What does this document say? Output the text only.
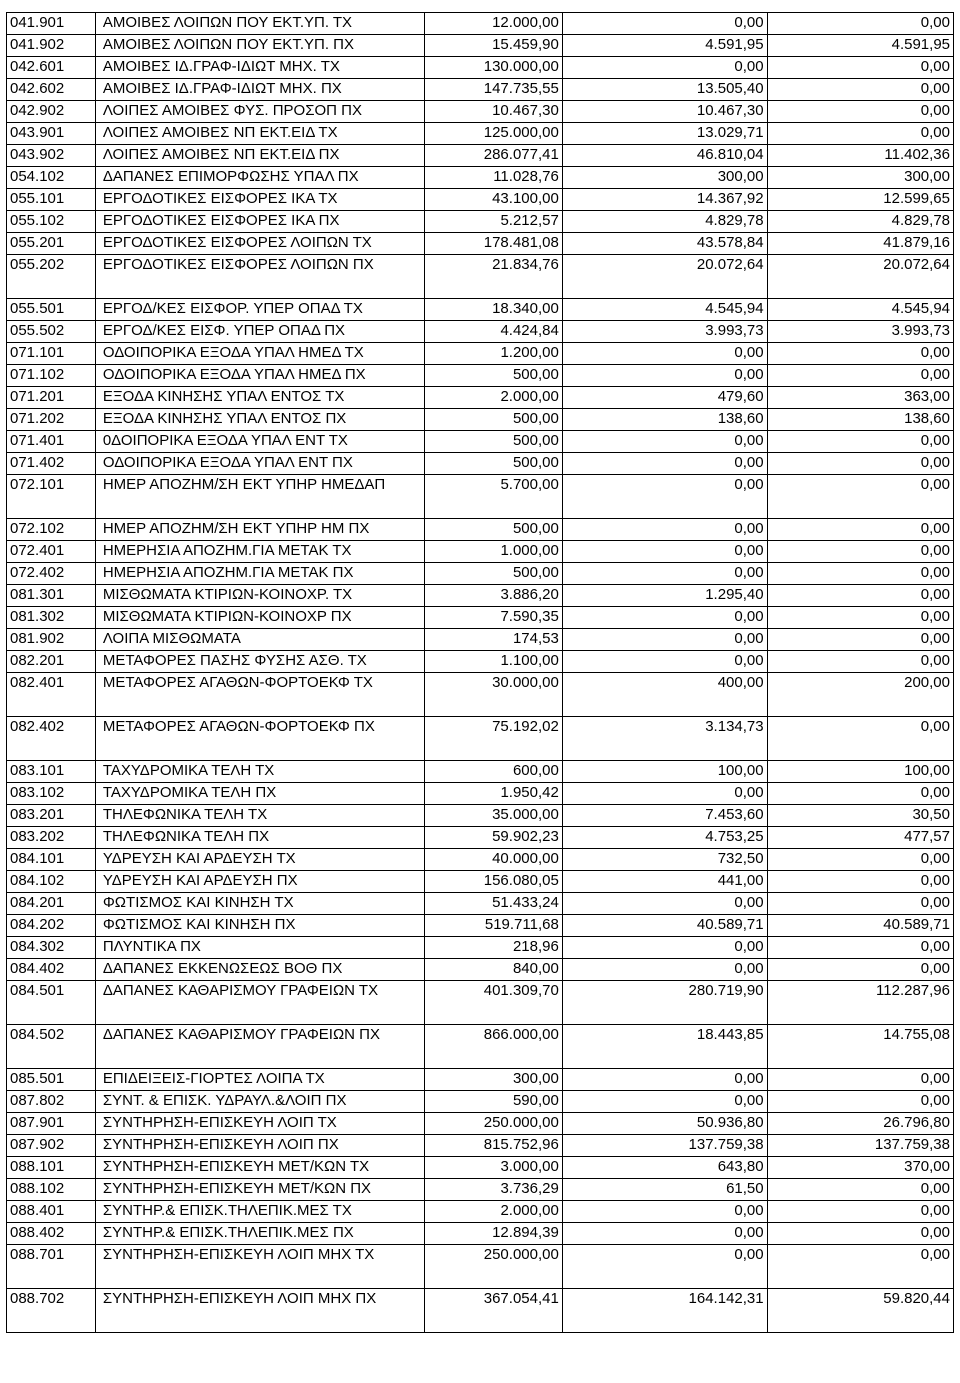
041.901	ΑΜΟΙΒΕΣ ΛΟΙΠΩΝ ΠΟΥ ΕΚΤ.ΥΠ. ΤΧ	12.000,00	0,00	0,00
041.902	ΑΜΟΙΒΕΣ ΛΟΙΠΩΝ ΠΟΥ ΕΚΤ.ΥΠ. ΠΧ	15.459,90	4.591,95	4.591,95
042.601	ΑΜΟΙΒΕΣ ΙΔ.ΓΡΑΦ-ΙΔΙΩΤ ΜΗΧ. ΤΧ	130.000,00	0,00	0,00
042.602	ΑΜΟΙΒΕΣ ΙΔ.ΓΡΑΦ-ΙΔΙΩΤ ΜΗΧ. ΠΧ	147.735,55	13.505,40	0,00
042.902	ΛΟΙΠΕΣ ΑΜΟΙΒΕΣ ΦΥΣ. ΠΡΟΣΟΠ ΠΧ	10.467,30	10.467,30	0,00
043.901	ΛΟΙΠΕΣ ΑΜΟΙΒΕΣ ΝΠ ΕΚΤ.ΕΙΔ ΤΧ	125.000,00	13.029,71	0,00
043.902	ΛΟΙΠΕΣ ΑΜΟΙΒΕΣ ΝΠ ΕΚΤ.ΕΙΔ ΠΧ	286.077,41	46.810,04	11.402,36
054.102	ΔΑΠΑΝΕΣ ΕΠΙΜΟΡΦΩΣΗΣ ΥΠΑΛ ΠΧ	11.028,76	300,00	300,00
055.101	ΕΡΓΟΔΟΤΙΚΕΣ ΕΙΣΦΟΡΕΣ ΙΚΑ ΤΧ	43.100,00	14.367,92	12.599,65
055.102	ΕΡΓΟΔΟΤΙΚΕΣ ΕΙΣΦΟΡΕΣ ΙΚΑ ΠΧ	5.212,57	4.829,78	4.829,78
055.201	ΕΡΓΟΔΟΤΙΚΕΣ ΕΙΣΦΟΡΕΣ ΛΟΙΠΩΝ ΤΧ	178.481,08	43.578,84	41.879,16
055.202	ΕΡΓΟΔΟΤΙΚΕΣ ΕΙΣΦΟΡΕΣ ΛΟΙΠΩΝ ΠΧ	21.834,76	20.072,64	20.072,64
055.501	ΕΡΓΟΔ/ΚΕΣ ΕΙΣΦΟΡ. ΥΠΕΡ ΟΠΑΔ ΤΧ	18.340,00	4.545,94	4.545,94
055.502	ΕΡΓΟΔ/ΚΕΣ ΕΙΣΦ. ΥΠΕΡ ΟΠΑΔ ΠΧ	4.424,84	3.993,73	3.993,73
071.101	ΟΔΟΙΠΟΡΙΚΑ ΕΞΟΔΑ ΥΠΑΛ ΗΜΕΔ ΤΧ	1.200,00	0,00	0,00
071.102	ΟΔΟΙΠΟΡΙΚΑ ΕΞΟΔΑ ΥΠΑΛ ΗΜΕΔ ΠΧ	500,00	0,00	0,00
071.201	ΕΞΟΔΑ ΚΙΝΗΣΗΣ ΥΠΑΛ ΕΝΤΟΣ ΤΧ	2.000,00	479,60	363,00
071.202	ΕΞΟΔΑ ΚΙΝΗΣΗΣ ΥΠΑΛ ΕΝΤΟΣ ΠΧ	500,00	138,60	138,60
071.401	0ΔΟΙΠΟΡΙΚΑ ΕΞΟΔΑ ΥΠΑΛ ΕΝΤ ΤΧ	500,00	0,00	0,00
071.402	ΟΔΟΙΠΟΡΙΚΑ ΕΞΟΔΑ ΥΠΑΛ ΕΝΤ ΠΧ	500,00	0,00	0,00
072.101	ΗΜΕΡ ΑΠΟΖΗΜ/ΣΗ ΕΚΤ ΥΠΗΡ ΗΜΕΔΑΠ	5.700,00	0,00	0,00
072.102	ΗΜΕΡ ΑΠΟΖΗΜ/ΣΗ ΕΚΤ ΥΠΗΡ ΗΜ ΠΧ	500,00	0,00	0,00
072.401	ΗΜΕΡΗΣΙΑ ΑΠΟΖΗΜ.ΓΙΑ ΜΕΤΑΚ ΤΧ	1.000,00	0,00	0,00
072.402	ΗΜΕΡΗΣΙΑ ΑΠΟΖΗΜ.ΓΙΑ ΜΕΤΑΚ ΠΧ	500,00	0,00	0,00
081.301	ΜΙΣΘΩΜΑΤΑ ΚΤΙΡΙΩΝ-ΚΟΙΝΟΧΡ. ΤΧ	3.886,20	1.295,40	0,00
081.302	ΜΙΣΘΩΜΑΤΑ ΚΤΙΡΙΩΝ-ΚΟΙΝΟΧΡ ΠΧ	7.590,35	0,00	0,00
081.902	ΛΟΙΠΑ ΜΙΣΘΩΜΑΤΑ	174,53	0,00	0,00
082.201	ΜΕΤΑΦΟΡΕΣ ΠΑΣΗΣ ΦΥΣΗΣ ΑΣΘ. ΤΧ	1.100,00	0,00	0,00
082.401	ΜΕΤΑΦΟΡΕΣ ΑΓΑΘΩΝ-ΦΟΡΤΟΕΚΦ ΤΧ	30.000,00	400,00	200,00
082.402	ΜΕΤΑΦΟΡΕΣ ΑΓΑΘΩΝ-ΦΟΡΤΟΕΚΦ ΠΧ	75.192,02	3.134,73	0,00
083.101	ΤΑΧΥΔΡΟΜΙΚΑ ΤΕΛΗ ΤΧ	600,00	100,00	100,00
083.102	ΤΑΧΥΔΡΟΜΙΚΑ ΤΕΛΗ ΠΧ	1.950,42	0,00	0,00
083.201	ΤΗΛΕΦΩΝΙΚΑ ΤΕΛΗ ΤΧ	35.000,00	7.453,60	30,50
083.202	ΤΗΛΕΦΩΝΙΚΑ ΤΕΛΗ ΠΧ	59.902,23	4.753,25	477,57
084.101	ΥΔΡΕΥΣΗ ΚΑΙ ΑΡΔΕΥΣΗ ΤΧ	40.000,00	732,50	0,00
084.102	ΥΔΡΕΥΣΗ ΚΑΙ ΑΡΔΕΥΣΗ ΠΧ	156.080,05	441,00	0,00
084.201	ΦΩΤΙΣΜΟΣ ΚΑΙ ΚΙΝΗΣΗ ΤΧ	51.433,24	0,00	0,00
084.202	ΦΩΤΙΣΜΟΣ ΚΑΙ ΚΙΝΗΣΗ ΠΧ	519.711,68	40.589,71	40.589,71
084.302	ΠΛΥΝΤΙΚΑ ΠΧ	218,96	0,00	0,00
084.402	ΔΑΠΑΝΕΣ ΕΚΚΕΝΩΣΕΩΣ ΒΟΘ ΠΧ	840,00	0,00	0,00
084.501	ΔΑΠΑΝΕΣ ΚΑΘΑΡΙΣΜΟΥ ΓΡΑΦΕΙΩΝ ΤΧ	401.309,70	280.719,90	112.287,96
084.502	ΔΑΠΑΝΕΣ ΚΑΘΑΡΙΣΜΟΥ ΓΡΑΦΕΙΩΝ ΠΧ	866.000,00	18.443,85	14.755,08
085.501	ΕΠΙΔΕΙΞΕΙΣ-ΓΙΟΡΤΕΣ ΛΟΙΠΑ ΤΧ	300,00	0,00	0,00
087.802	ΣΥΝΤ. & ΕΠΙΣΚ. ΥΔΡΑΥΛ.&ΛΟΙΠ ΠΧ	590,00	0,00	0,00
087.901	ΣΥΝΤΗΡΗΣΗ-ΕΠΙΣΚΕΥΗ ΛΟΙΠ ΤΧ	250.000,00	50.936,80	26.796,80
087.902	ΣΥΝΤΗΡΗΣΗ-ΕΠΙΣΚΕΥΗ ΛΟΙΠ ΠΧ	815.752,96	137.759,38	137.759,38
088.101	ΣΥΝΤΗΡΗΣΗ-ΕΠΙΣΚΕΥΗ ΜΕΤ/ΚΩΝ ΤΧ	3.000,00	643,80	370,00
088.102	ΣΥΝΤΗΡΗΣΗ-ΕΠΙΣΚΕΥΗ ΜΕΤ/ΚΩΝ ΠΧ	3.736,29	61,50	0,00
088.401	ΣΥΝΤΗΡ.& ΕΠΙΣΚ.ΤΗΛΕΠΙΚ.ΜΕΣ ΤΧ	2.000,00	0,00	0,00
088.402	ΣΥΝΤΗΡ.& ΕΠΙΣΚ.ΤΗΛΕΠΙΚ.ΜΕΣ ΠΧ	12.894,39	0,00	0,00
088.701	ΣΥΝΤΗΡΗΣΗ-ΕΠΙΣΚΕΥΗ ΛΟΙΠ ΜΗΧ ΤΧ	250.000,00	0,00	0,00
088.702	ΣΥΝΤΗΡΗΣΗ-ΕΠΙΣΚΕΥΗ ΛΟΙΠ ΜΗΧ ΠΧ	367.054,41	164.142,31	59.820,44
